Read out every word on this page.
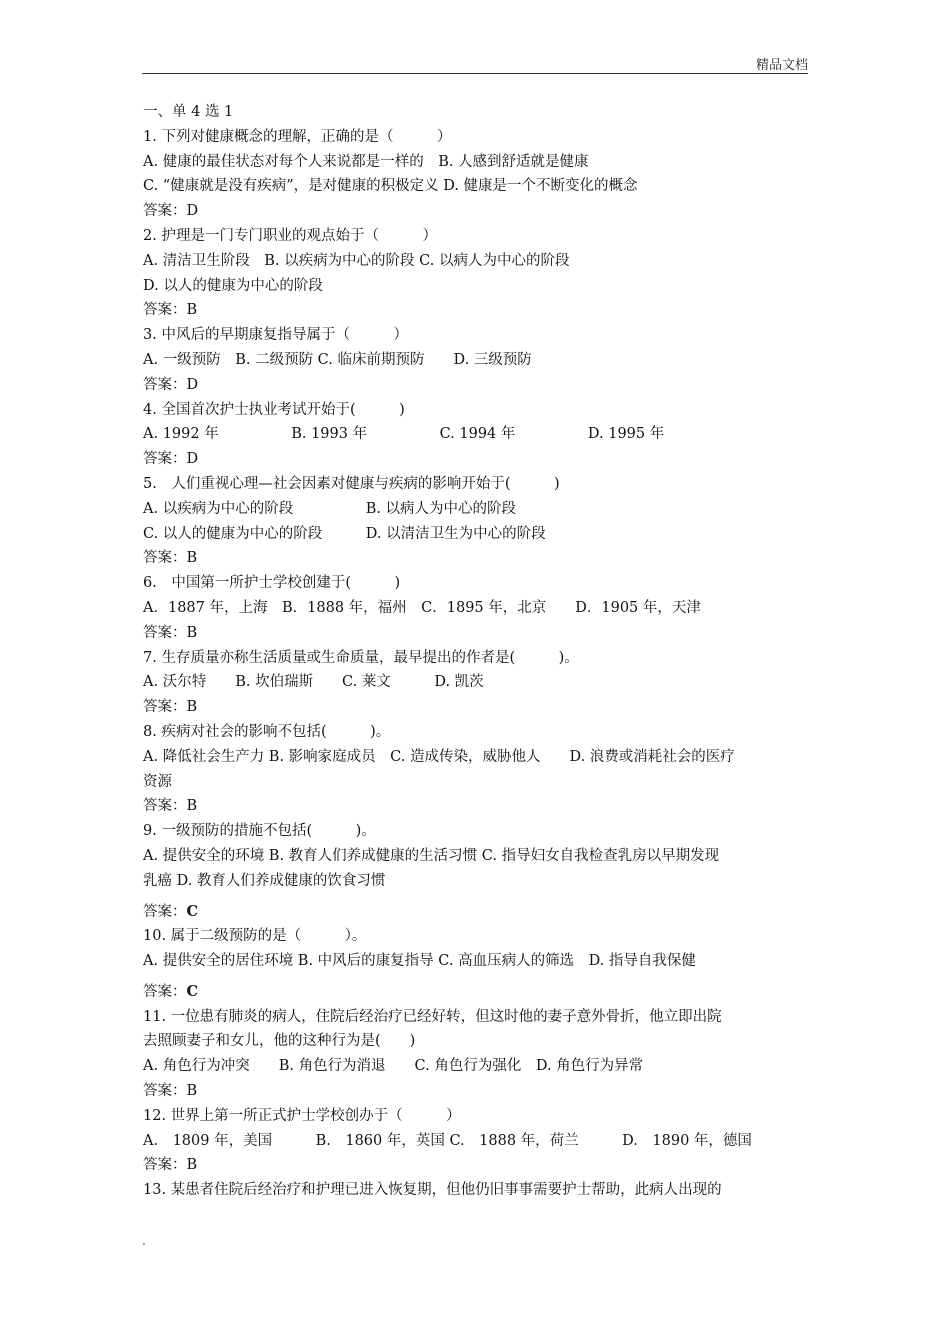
精品文档
一、单 4 选 1
1. 下列对健康概念的理解，正确的是（　　　）
A. 健康的最佳状态对每个人来说都是一样的　B. 人感到舒适就是健康
C. “健康就是没有疾病”，是对健康的积极定义 D. 健康是一个不断变化的概念
答案：D
2. 护理是一门专门职业的观点始于（　　　）
A. 清洁卫生阶段　B. 以疾病为中心的阶段 C. 以病人为中心的阶段
D. 以人的健康为中心的阶段
答案：B
3. 中风后的早期康复指导属于（　　　）
A. 一级预防　B. 二级预防 C. 临床前期预防　　D. 三级预防
答案：D
4. 全国首次护士执业考试开始于(　　　)
A. 1992 年　　　　　B. 1993 年　　　　　C. 1994 年　　　　　D. 1995 年
答案：D
5.　人们重视心理—社会因素对健康与疾病的影响开始于(　　　)
A. 以疾病为中心的阶段　　　　　B. 以病人为中心的阶段
C. 以人的健康为中心的阶段　　　D. 以清洁卫生为中心的阶段
答案：B
6.　中国第一所护士学校创建于(　　　)
A．1887 年，上海　B．1888 年，福州　C．1895 年，北京　　D．1905 年，天津
答案：B
7. 生存质量亦称生活质量或生命质量，最早提出的作者是(　　　)。
A. 沃尔特　　B. 坎伯瑞斯　　C. 莱文　　　D. 凯茨
答案：B
8. 疾病对社会的影响不包括(　　　)。
A. 降低社会生产力 B. 影响家庭成员　C. 造成传染，威胁他人　　D. 浪费或消耗社会的医疗
资源
答案：B
9. 一级预防的措施不包括(　　　)。
A. 提供安全的环境 B. 教育人们养成健康的生活习惯 C. 指导妇女自我检查乳房以早期发现
乳癌 D. 教育人们养成健康的饮食习惯
答案：C
10. 属于二级预防的是（　　　）。
A. 提供安全的居住环境 B. 中风后的康复指导 C. 高血压病人的筛选　D. 指导自我保健
答案：C
11. 一位患有肺炎的病人，住院后经治疗已经好转，但这时他的妻子意外骨折，他立即出院
去照顾妻子和女儿，他的这种行为是(　　)
A. 角色行为冲突　　B. 角色行为消退　　C. 角色行为强化　D. 角色行为异常
答案：B
12. 世界上第一所正式护士学校创办于（　　　）
A.　1809 年，美国　　　B.　1860 年，英国 C.　1888 年，荷兰　　　D.　1890 年，德国
答案：B
13. 某患者住院后经治疗和护理已进入恢复期，但他仍旧事事需要护士帮助，此病人出现的
.
